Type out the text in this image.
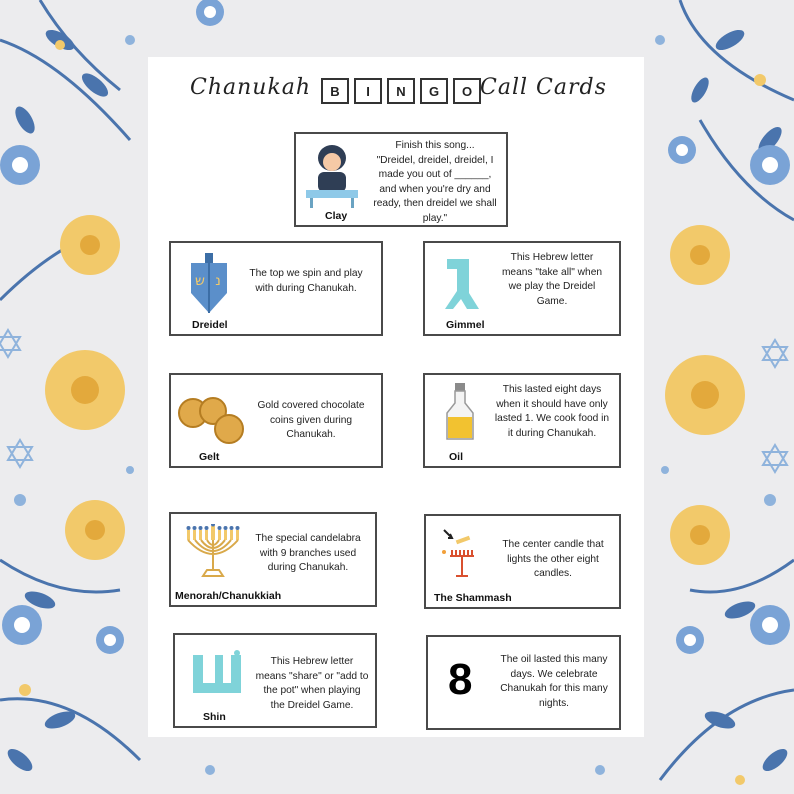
Chanukah	B	I	N	G	O Call Cards
Clay
Finish this song...
"Dreidel, dreidel, dreidel, I
made you out of ______,
and when you're dry and
ready, then dreidel we shall
play."
ש נ
Dreidel
The top we spin and play
with during Chanukah.
Gimmel
This Hebrew letter
means "take all" when
we play the Dreidel
Game.
Gelt
Gold covered chocolate
coins given during
Chanukah.
Oil
This lasted eight days
when it should have only
lasted 1. We cook food in
it during Chanukah.
Menorah/Chanukkiah
The special candelabra
with 9 branches used
during Chanukah.
The Shammash
The center candle that
lights the other eight
candles.
Shin
This Hebrew letter
means "share" or "add to
the pot" when playing
the Dreidel Game.
8	The oil lasted this many
days. We celebrate
Chanukah for this many
nights.
